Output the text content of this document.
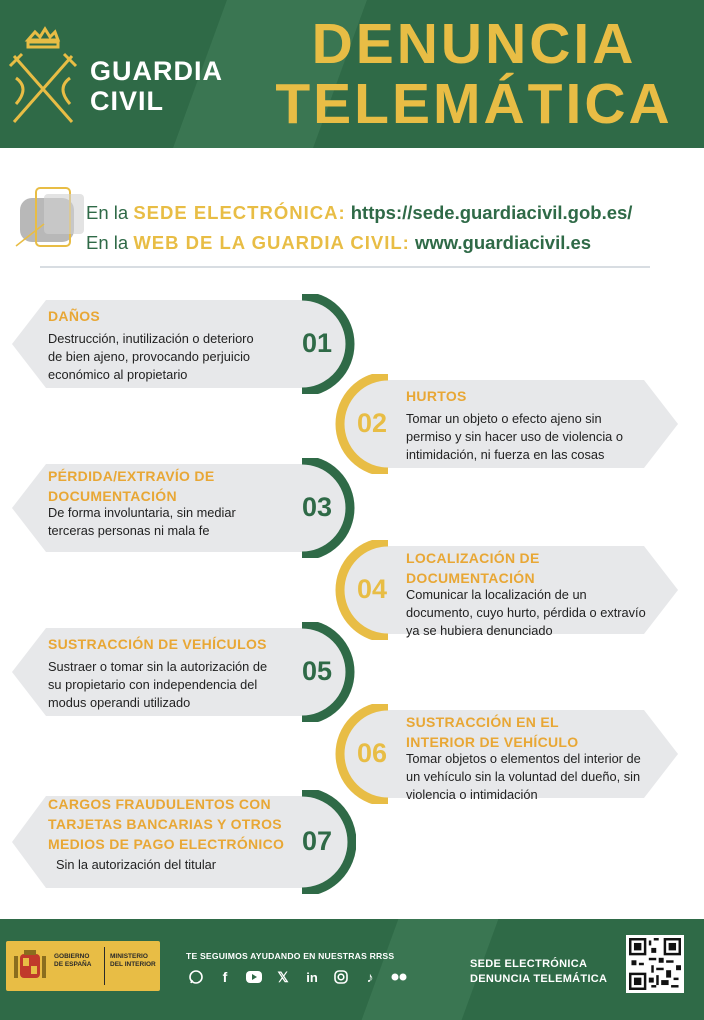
GUARDIA
CIVIL
DENUNCIA
TELEMÁTICA
En la SEDE ELECTRÓNICA: https://sede.guardiacivil.gob.es/
En la WEB DE LA GUARDIA CIVIL: www.guardiacivil.es
DAÑOS
Destrucción, inutilización o deterioro
de bien ajeno, provocando perjuicio
económico al propietario
01
HURTOS
Tomar un objeto o efecto ajeno sin
permiso y sin hacer uso de violencia o
intimidación, ni fuerza en las cosas
02
PÉRDIDA/EXTRAVÍO DE
DOCUMENTACIÓN
De forma involuntaria, sin mediar
terceras personas ni mala fe
03
LOCALIZACIÓN DE
DOCUMENTACIÓN
Comunicar la localización de un
documento, cuyo hurto, pérdida o extravío
ya se hubiera denunciado
04
SUSTRACCIÓN DE VEHÍCULOS
Sustraer o tomar sin la autorización de
su propietario con independencia del
modus operandi utilizado
05
SUSTRACCIÓN EN EL
INTERIOR DE VEHÍCULO
Tomar objetos o elementos del interior de
un vehículo sin la voluntad del dueño, sin
violencia o intimidación
06
CARGOS FRAUDULENTOS CON
TARJETAS BANCARIAS Y OTROS
MEDIOS DE PAGO ELECTRÓNICO
Sin la autorización del titular
07
GOBIERNO
DE ESPAÑA
MINISTERIO
DEL INTERIOR
TE SEGUIMOS AYUDANDO EN NUESTRAS RRSS
f	𝕏	in	♪
SEDE ELECTRÓNICA
DENUNCIA TELEMÁTICA
